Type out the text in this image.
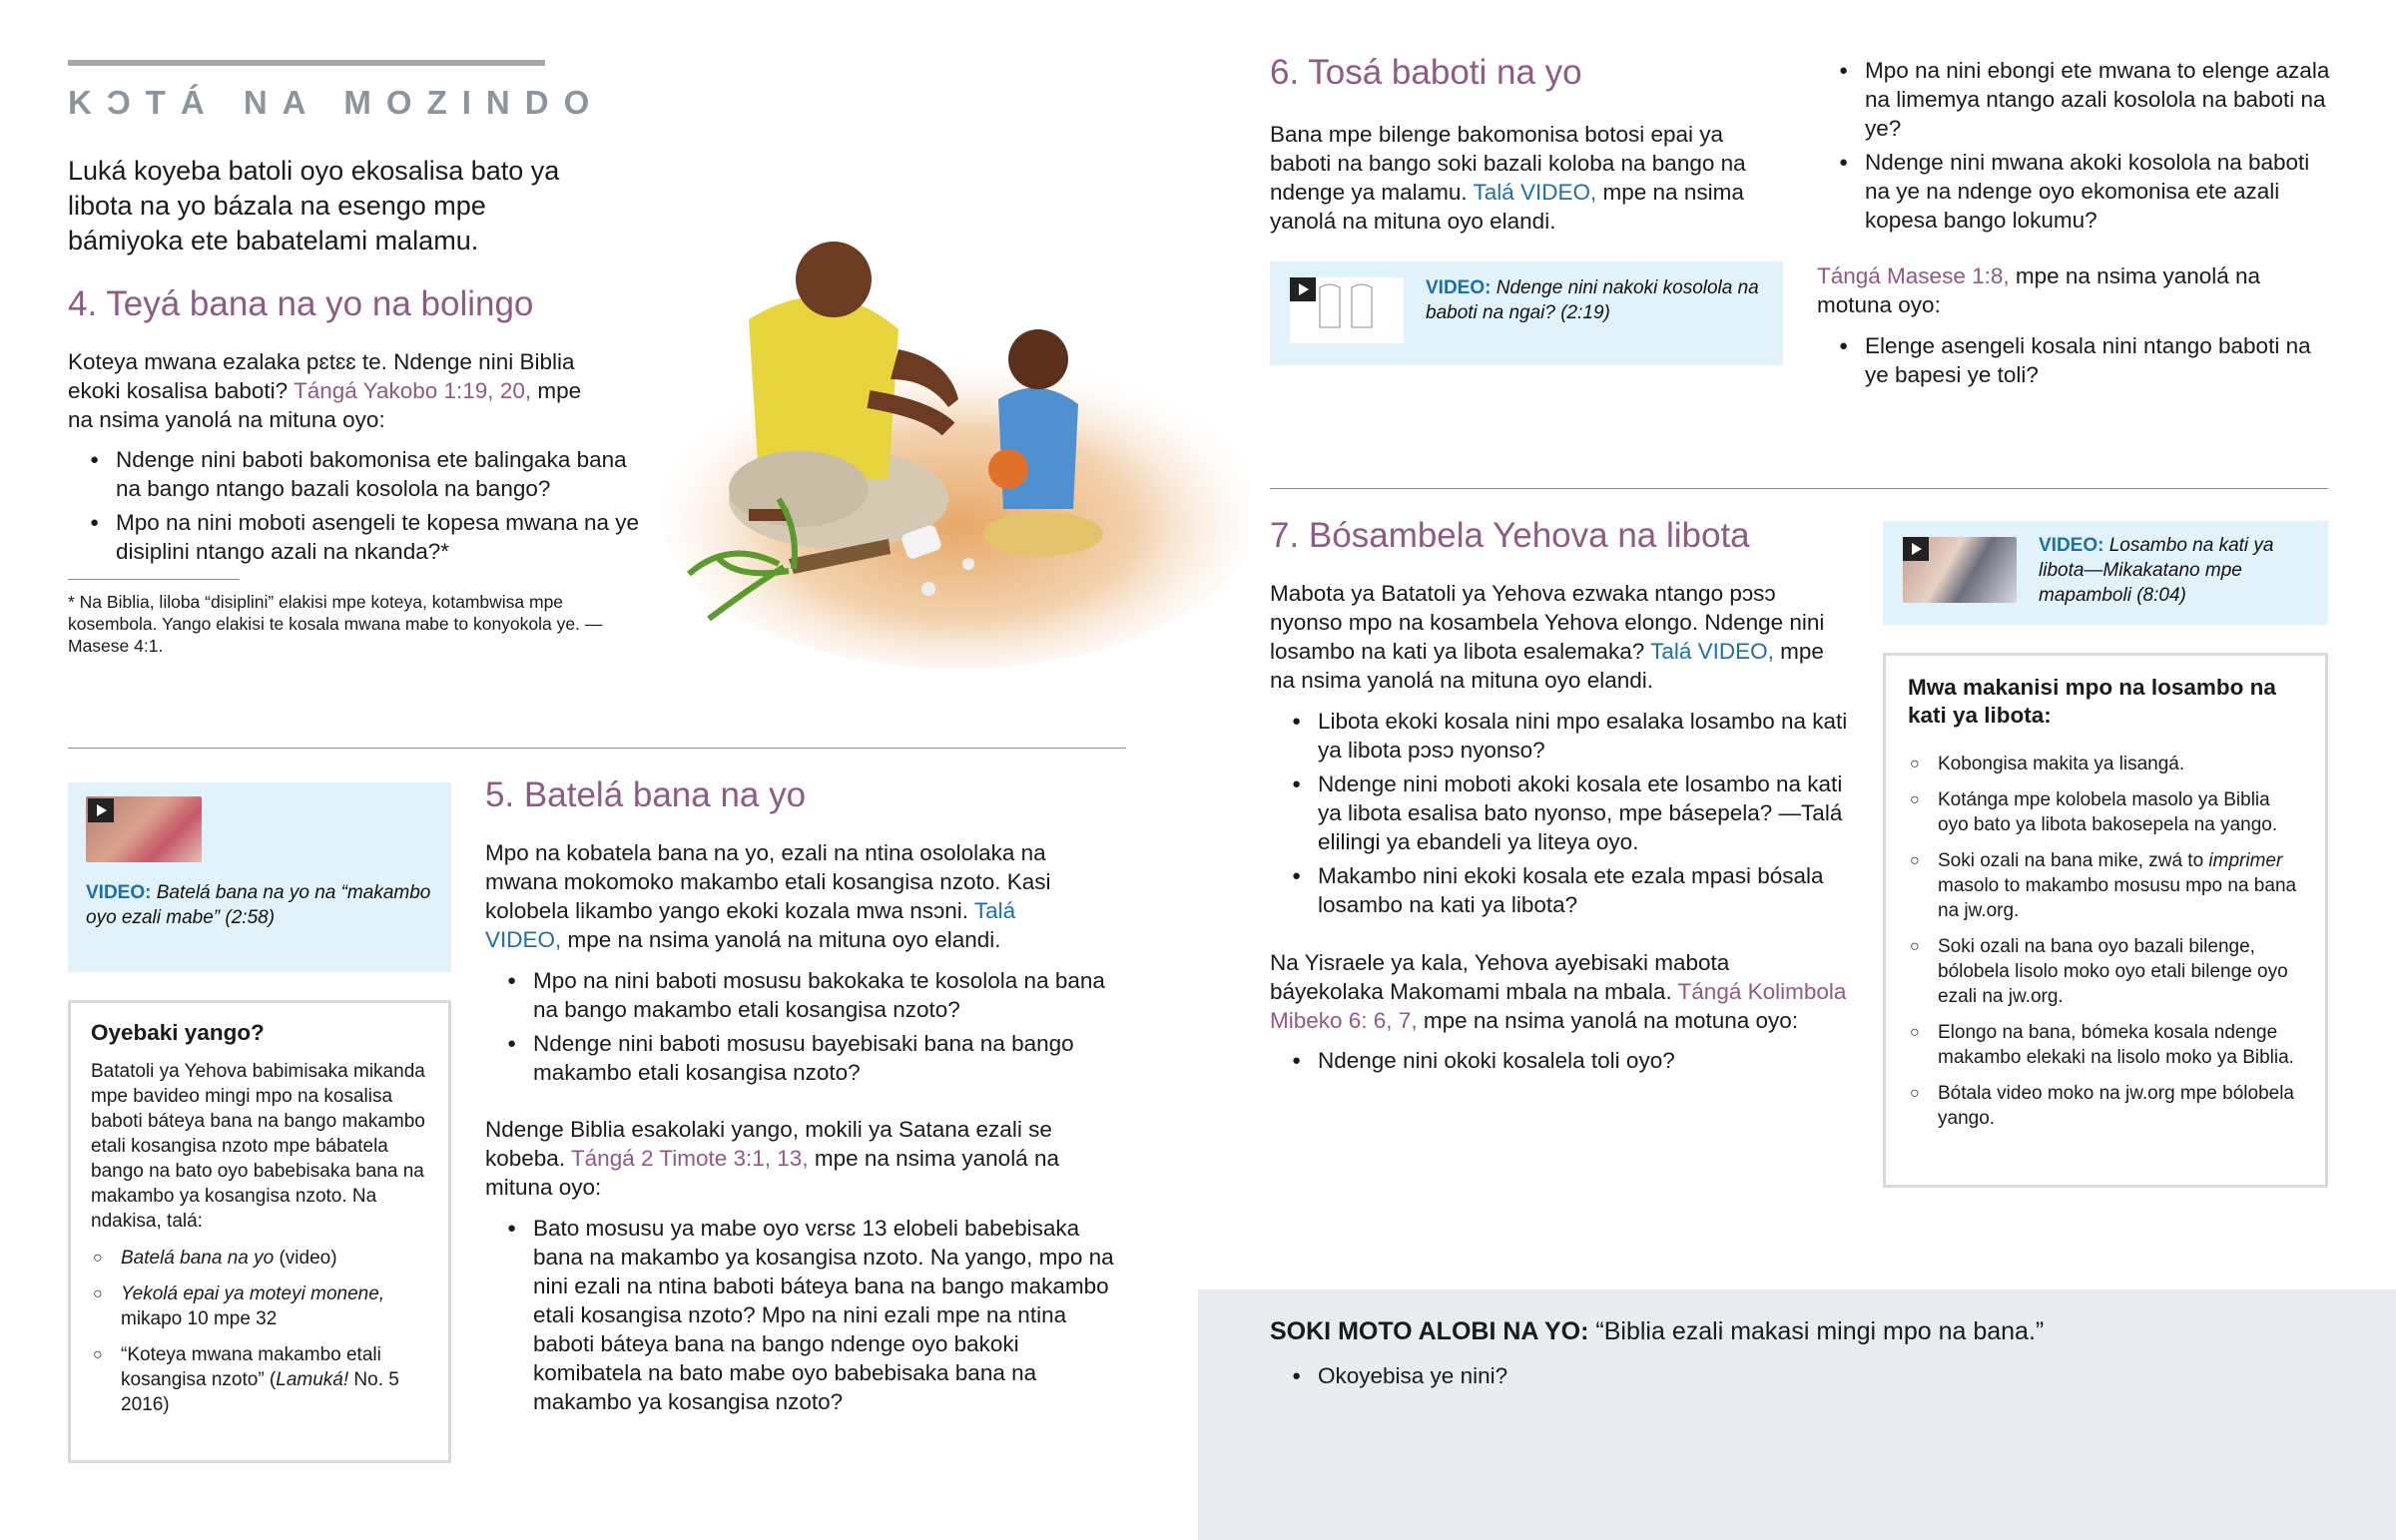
KƆTÁ NA MOZINDO
Luká koyeba batoli oyo ekosalisa bato ya libota na yo bázala na esengo mpe bámiyoka ete babatelami malamu.
4. Teyá bana na yo na bolingo

Koteya mwana ezalaka pɛtɛɛ te. Ndenge nini Biblia ekoki kosalisa baboti? Tángá Yakobo 1:19, 20, mpe na nsima yanolá na mituna oyo:

● Ndenge nini baboti bakomonisa ete balingaka bana na bango ntango bazali kosolola na bango?
● Mpo na nini moboti asengeli te kopesa mwana na ye disiplini ntango azali na nkanda?*

* Na Biblia, liloba “disiplini” elakisi mpe koteya, kotambwisa mpe kosembola. Yango elakisi te kosala mwana mabe to konyokola ye. —Masese 4:1.

VIDEO: Batelá bana na yo na “makambo oyo ezali mabe” (2:58)
Oyebaki yango?

Batatoli ya Yehova babimisaka mikanda mpe bavideo mingi mpo na kosalisa baboti báteya bana na bango makambo etali kosangisa nzoto mpe bábatela bango na bato oyo babebisaka bana na makambo ya kosangisa nzoto. Na ndakisa, talá:

○ Batelá bana na yo (video)
○ Yekolá epai ya moteyi monene, mikapo 10 mpe 32
○ “Koteya mwana makambo etali kosangisa nzoto” (Lamuká! No. 5 2016)
5. Batelá bana na yo

Mpo na kobatela bana na yo, ezali na ntina osololaka na mwana mokomoko makambo etali kosangisa nzoto. Kasi kolobela likambo yango ekoki kozala mwa nsɔni. Talá VIDEO, mpe na nsima yanolá na mituna oyo elandi.

● Mpo na nini baboti mosusu bakokaka te kosolola na bana na bango makambo etali kosangisa nzoto?
● Ndenge nini baboti mosusu bayebisaki bana na bango makambo etali kosangisa nzoto?

Ndenge Biblia esakolaki yango, mokili ya Satana ezali se kobeba. Tángá 2 Timote 3:1, 13, mpe na nsima yanolá na mituna oyo:

● Bato mosusu ya mabe oyo vɛrsɛ 13 elobeli babebisaka bana na makambo ya kosangisa nzoto. Na yango, mpo na nini ezali na ntina baboti báteya bana na bango makambo etali kosangisa nzoto? Mpo na nini ezali mpe na ntina baboti báteya bana na bango ndenge oyo bakoki komibatela na bato mabe oyo babebisaka bana na makambo ya kosangisa nzoto?
6. Tosá baboti na yo

Bana mpe bilenge bakomonisa botosi epai ya baboti na bango soki bazali koloba na bango na ndenge ya malamu. Talá VIDEO, mpe na nsima yanolá na mituna oyo elandi.

VIDEO: Ndenge nini nakoki kosolola na baboti na ngai? (2:19)
● Mpo na nini ebongi ete mwana to elenge azala na limemya ntango azali kosolola na baboti na ye?
● Ndenge nini mwana akoki kosolola na baboti na ye na ndenge oyo ekomonisa ete azali kopesa bango lokumu?

Tángá Masese 1:8, mpe na nsima yanolá na motuna oyo:

● Elenge asengeli kosala nini ntango baboti na ye bapesi ye toli?
7. Bósambela Yehova na libota

Mabota ya Batatoli ya Yehova ezwaka ntango pɔsɔ nyonso mpo na kosambela Yehova elongo. Ndenge nini losambo na kati ya libota esalemaka? Talá VIDEO, mpe na nsima yanolá na mituna oyo elandi.

● Libota ekoki kosala nini mpo esalaka losambo na kati ya libota pɔsɔ nyonso?
● Ndenge nini moboti akoki kosala ete losambo na kati ya libota esalisa bato nyonso, mpe básepela? —Talá elilingi ya ebandeli ya liteya oyo.
● Makambo nini ekoki kosala ete ezala mpasi bósala losambo na kati ya libota?

Na Yisraele ya kala, Yehova ayebisaki mabota báyekolaka Makomami mbala na mbala. Tángá Kolimbola Mibeko 6: 6, 7, mpe na nsima yanolá na motuna oyo:

● Ndenge nini okoki kosalela toli oyo?
VIDEO: Losambo na kati ya libota—Mikakatano mpe mapamboli (8:04)
Mwa makanisi mpo na losambo na kati ya libota:
○ Kobongisa makita ya lisangá.
○ Kotánga mpe kolobela masolo ya Biblia oyo bato ya libota bakosepela na yango.
○ Soki ozali na bana mike, zwá to imprimer masolo to makambo mosusu mpo na bana na jw.org.
○ Soki ozali na bana oyo bazali bilenge, bólobela lisolo moko oyo etali bilenge oyo ezali na jw.org.
○ Elongo na bana, bómeka kosala ndenge makambo elekaki na lisolo moko ya Biblia.
○ Bótala video moko na jw.org mpe bólobela yango.

SOKI MOTO ALOBI NA YO: “Biblia ezali makasi mingi mpo na bana.”

● Okoyebisa ye nini?
